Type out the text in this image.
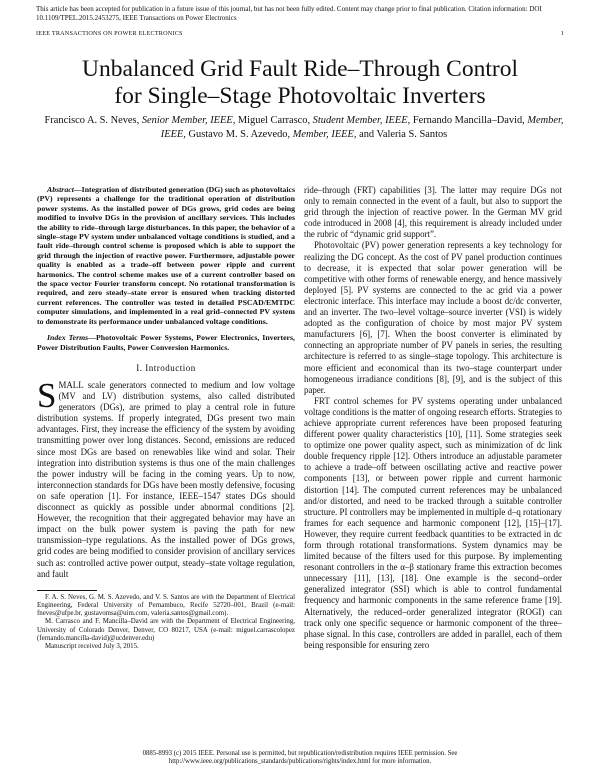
This article has been accepted for publication in a future issue of this journal, but has not been fully edited. Content may change prior to final publication. Citation information: DOI
10.1109/TPEL.2015.2453275, IEEE Transactions on Power Electronics
IEEE TRANSACTIONS ON POWER ELECTRONICS	1
Unbalanced Grid Fault Ride–Through Control
for Single–Stage Photovoltaic Inverters
Francisco A. S. Neves, Senior Member, IEEE, Miguel Carrasco, Student Member, IEEE, Fernando Mancilla–David, Member, IEEE, Gustavo M. S. Azevedo, Member, IEEE, and Valeria S. Santos

Abstract—Integration of distributed generation (DG) such as photovoltaics (PV) represents a challenge for the traditional operation of distribution power systems. As the installed power of DGs grows, grid codes are being modified to involve DGs in the provision of ancillary services. This includes the ability to ride–through large disturbances. In this paper, the behavior of a single–stage PV system under unbalanced voltage conditions is studied, and a fault ride–through control scheme is proposed which is able to support the grid through the injection of reactive power. Furthermore, adjustable power quality is enabled as a trade–off between power ripple and current harmonics. The control scheme makes use of a current controller based on the space vector Fourier transform concept. No rotational transformation is required, and zero steady–state error is ensured when tracking distorted current references. The controller was tested in detailed PSCAD/EMTDC computer simulations, and implemented in a real grid–connected PV system to demonstrate its performance under unbalanced voltage conditions.

Index Terms—Photovoltaic Power Systems, Power Electronics, Inverters, Power Distribution Faults, Power Conversion Harmonics.

I. Introduction

SMALL scale generators connected to medium and low voltage (MV and LV) distribution systems, also called distributed generators (DGs), are primed to play a central role in future distribution systems. If properly integrated, DGs present two main advantages. First, they increase the efficiency of the system by avoiding transmitting power over long distances. Second, emissions are reduced since most DGs are based on renewables like wind and solar. Their integration into distribution systems is thus one of the main challenges the power industry will be facing in the coming years. Up to now, interconnection standards for DGs have been mostly defensive, focusing on safe operation [1]. For instance, IEEE–1547 states DGs should disconnect as quickly as possible under abnormal conditions [2]. However, the recognition that their aggregated behavior may have an impact on the bulk power system is paving the path for new transmission–type regulations. As the installed power of DGs grows, grid codes are being modified to consider provision of ancillary services such as: controlled active power output, steady–state voltage regulation, and fault

F. A. S. Neves, G. M. S. Azevedo, and V. S. Santos are with the Department of Electrical Engineering, Federal University of Pernambuco, Recife 52720–001, Brazil (e-mail: fneves@ufpe.br, gustavomsa@uim.com, valeria.santos@gmail.com).

M. Carrasco and F. Mancilla–David are with the Department of Electrical Engineering, University of Colorado Denver, Denver, CO 80217, USA (e-mail: miguel.carrascolopez (fernando.mancilla-david)@ucdenver.edu)

Manuscript received July 3, 2015.

ride–through (FRT) capabilities [3]. The latter may require DGs not only to remain connected in the event of a fault, but also to support the grid through the injection of reactive power. In the German MV grid code introduced in 2008 [4], this requirement is already included under the rubric of “dynamic grid support”.

Photovoltaic (PV) power generation represents a key technology for realizing the DG concept. As the cost of PV panel production continues to decrease, it is expected that solar power generation will be competitive with other forms of renewable energy, and hence massively deployed [5]. PV systems are connected to the ac grid via a power electronic interface. This interface may include a boost dc/dc converter, and an inverter. The two–level voltage–source inverter (VSI) is widely adopted as the configuration of choice by most major PV system manufacturers [6], [7]. When the boost converter is eliminated by connecting an appropriate number of PV panels in series, the resulting architecture is referred to as single–stage topology. This architecture is more efficient and economical than its two–stage counterpart under homogeneous irradiance conditions [8], [9], and is the subject of this paper.

FRT control schemes for PV systems operating under unbalanced voltage conditions is the matter of ongoing research efforts. Strategies to achieve appropriate current references have been proposed featuring different power quality characteristics [10], [11]. Some strategies seek to optimize one power quality aspect, such as minimization of dc link double frequency ripple [12]. Others introduce an adjustable parameter to achieve a trade–off between oscillating active and reactive power components [13], or between power ripple and current harmonic distortion [14]. The computed current references may be unbalanced and/or distorted, and need to be tracked through a suitable controller structure. PI controllers may be implemented in multiple d–q rotationary frames for each sequence and harmonic component [12], [15]–[17]. However, they require current feedback quantities to be extracted in dc form through rotational transformations. System dynamics may be limited because of the filters used for this purpose. By implementing resonant controllers in the α–β stationary frame this extraction becomes unnecessary [11], [13], [18]. One example is the second–order generalized integrator (SSI) which is able to control fundamental frequency and harmonic components in the same reference frame [19]. Alternatively, the reduced–order generalized integrator (ROGI) can track only one specific sequence or harmonic component of the three–phase signal. In this case, controllers are added in parallel, each of them being responsible for ensuring zero

0885-8993 (c) 2015 IEEE. Personal use is permitted, but republication/redistribution requires IEEE permission. See
http://www.ieee.org/publications_standards/publications/rights/index.html for more information.
